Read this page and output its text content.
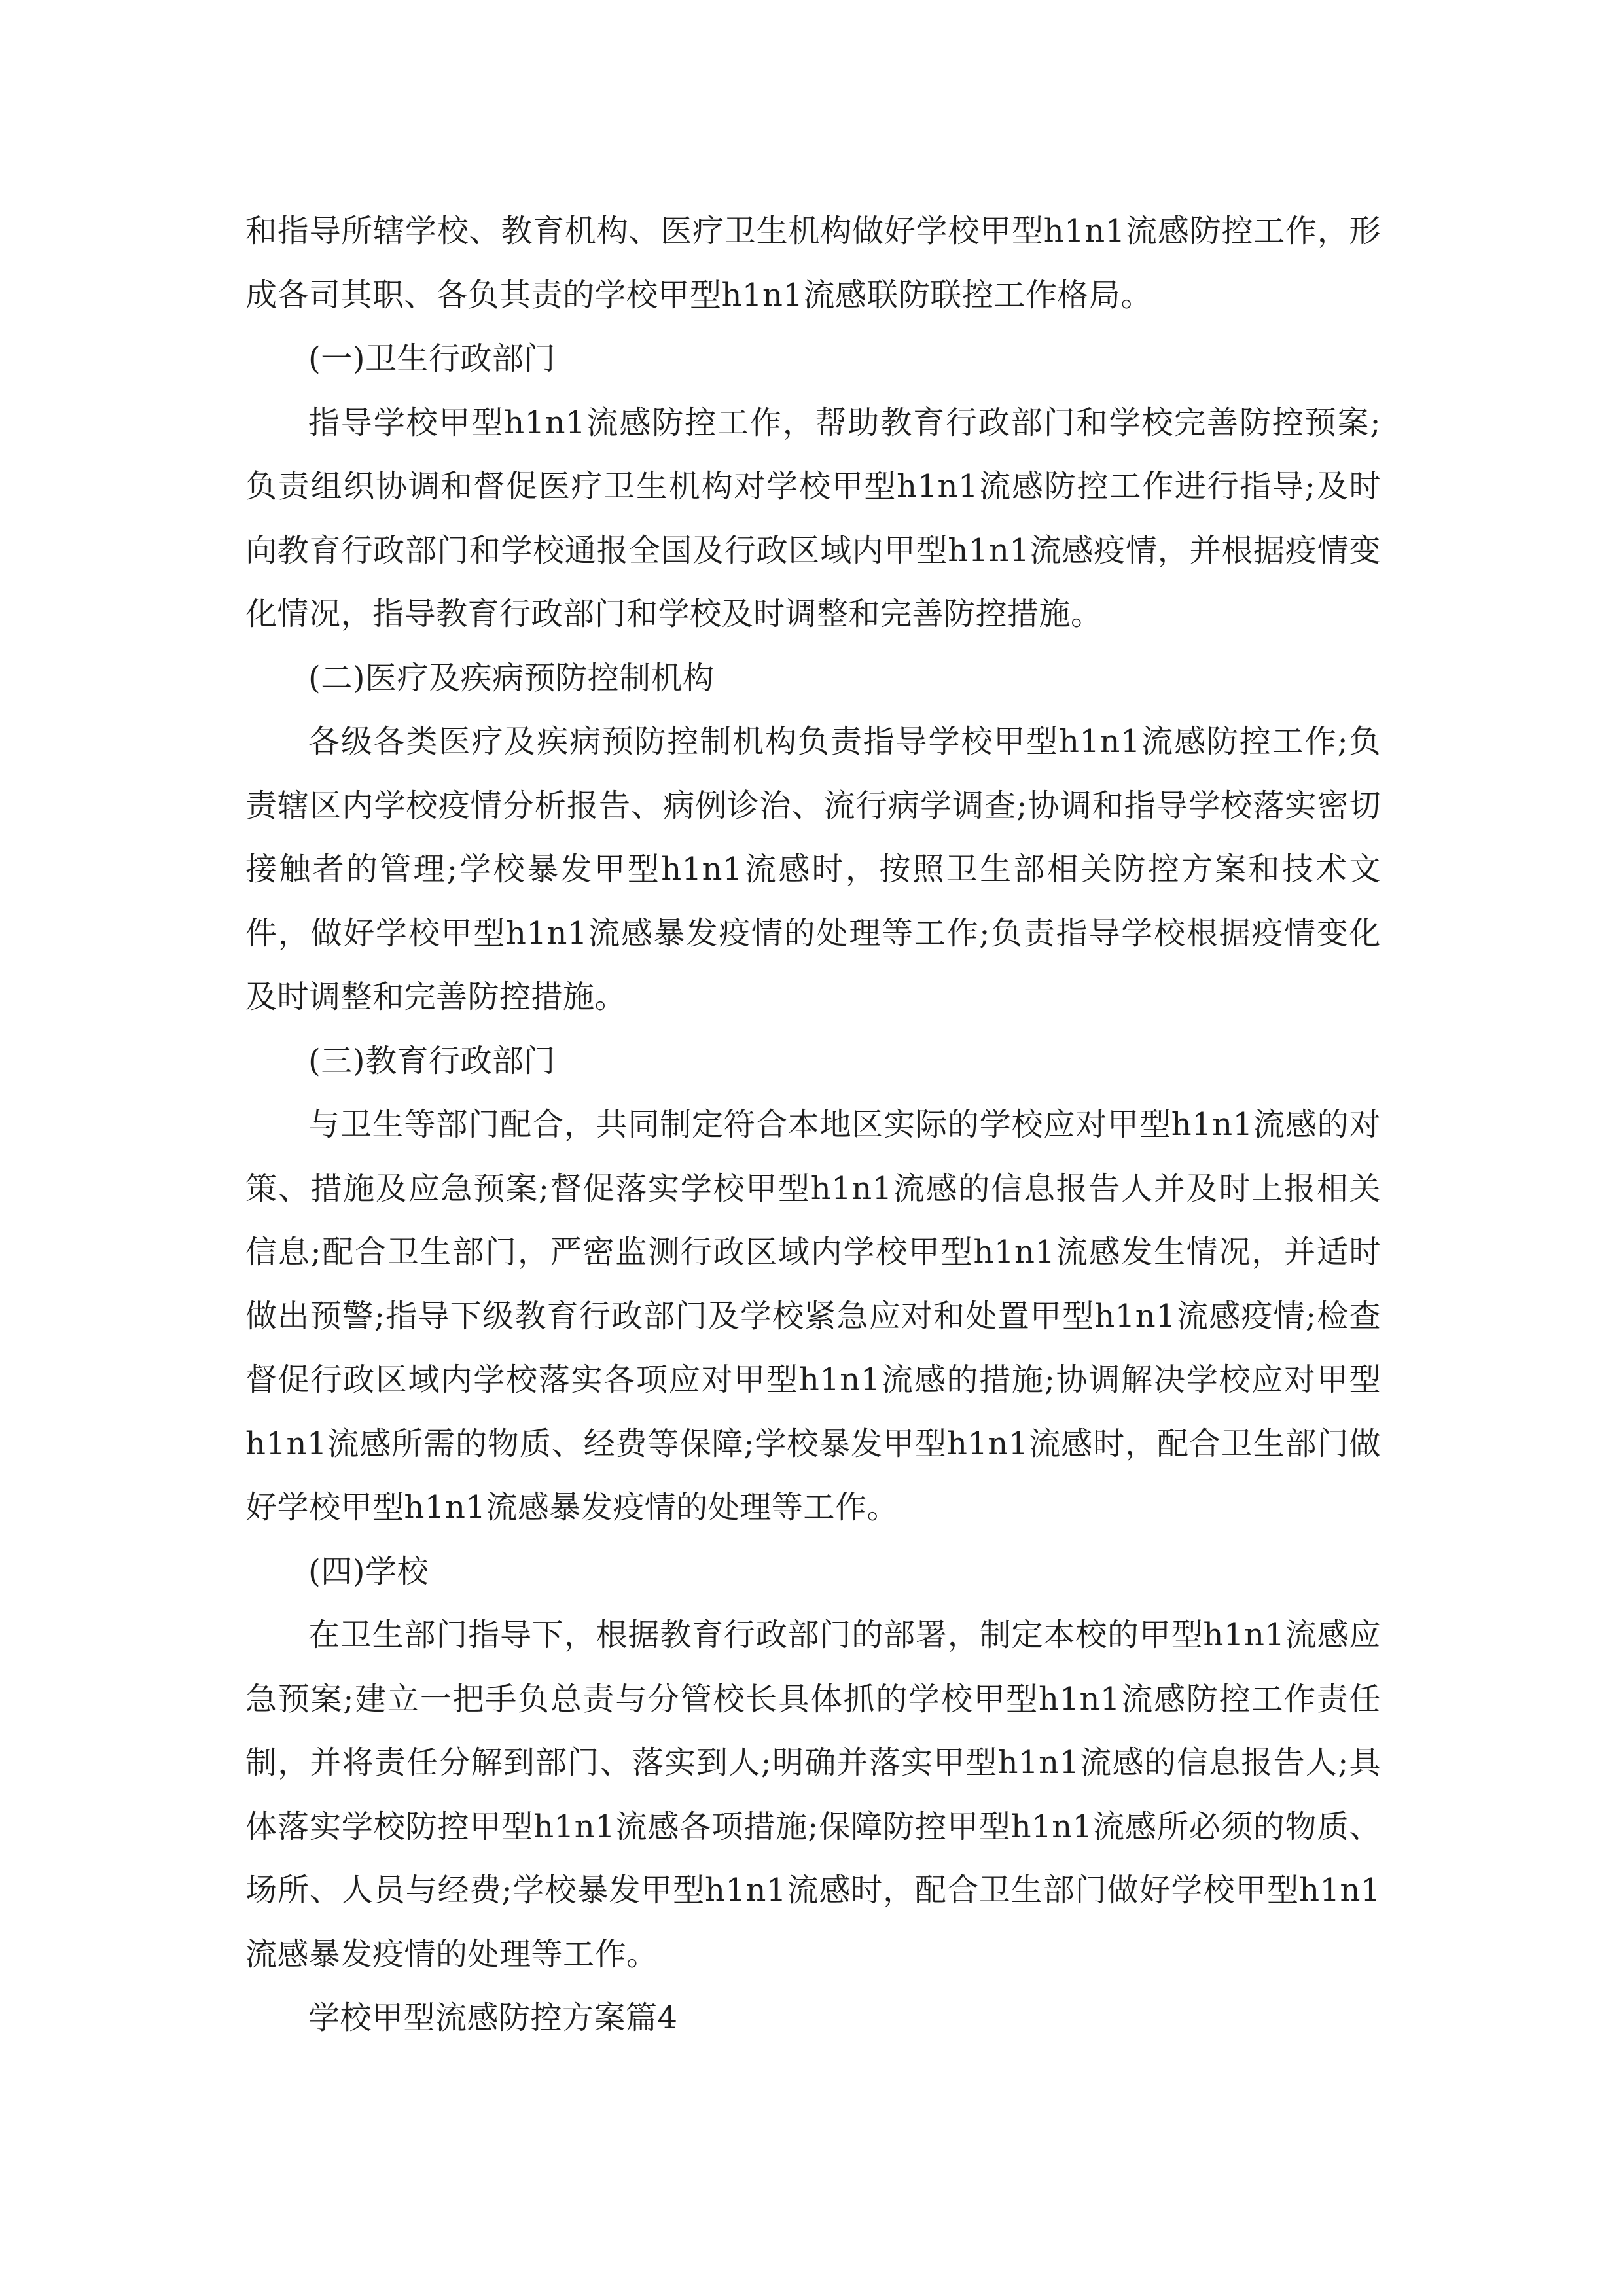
和指导所辖学校、教育机构、医疗卫生机构做好学校甲型h1n1流感防控工作，形成各司其职、各负其责的学校甲型h1n1流感联防联控工作格局。

(一)卫生行政部门

指导学校甲型h1n1流感防控工作，帮助教育行政部门和学校完善防控预案;负责组织协调和督促医疗卫生机构对学校甲型h1n1流感防控工作进行指导;及时向教育行政部门和学校通报全国及行政区域内甲型h1n1流感疫情，并根据疫情变化情况，指导教育行政部门和学校及时调整和完善防控措施。

(二)医疗及疾病预防控制机构

各级各类医疗及疾病预防控制机构负责指导学校甲型h1n1流感防控工作;负责辖区内学校疫情分析报告、病例诊治、流行病学调查;协调和指导学校落实密切接触者的管理;学校暴发甲型h1n1流感时，按照卫生部相关防控方案和技术文件，做好学校甲型h1n1流感暴发疫情的处理等工作;负责指导学校根据疫情变化及时调整和完善防控措施。

(三)教育行政部门

与卫生等部门配合，共同制定符合本地区实际的学校应对甲型h1n1流感的对策、措施及应急预案;督促落实学校甲型h1n1流感的信息报告人并及时上报相关信息;配合卫生部门，严密监测行政区域内学校甲型h1n1流感发生情况，并适时做出预警;指导下级教育行政部门及学校紧急应对和处置甲型h1n1流感疫情;检查督促行政区域内学校落实各项应对甲型h1n1流感的措施;协调解决学校应对甲型h1n1流感所需的物质、经费等保障;学校暴发甲型h1n1流感时，配合卫生部门做好学校甲型h1n1流感暴发疫情的处理等工作。

(四)学校

在卫生部门指导下，根据教育行政部门的部署，制定本校的甲型h1n1流感应急预案;建立一把手负总责与分管校长具体抓的学校甲型h1n1流感防控工作责任制，并将责任分解到部门、落实到人;明确并落实甲型h1n1流感的信息报告人;具体落实学校防控甲型h1n1流感各项措施;保障防控甲型h1n1流感所必须的物质、场所、人员与经费;学校暴发甲型h1n1流感时，配合卫生部门做好学校甲型h1n1流感暴发疫情的处理等工作。

学校甲型流感防控方案篇4
